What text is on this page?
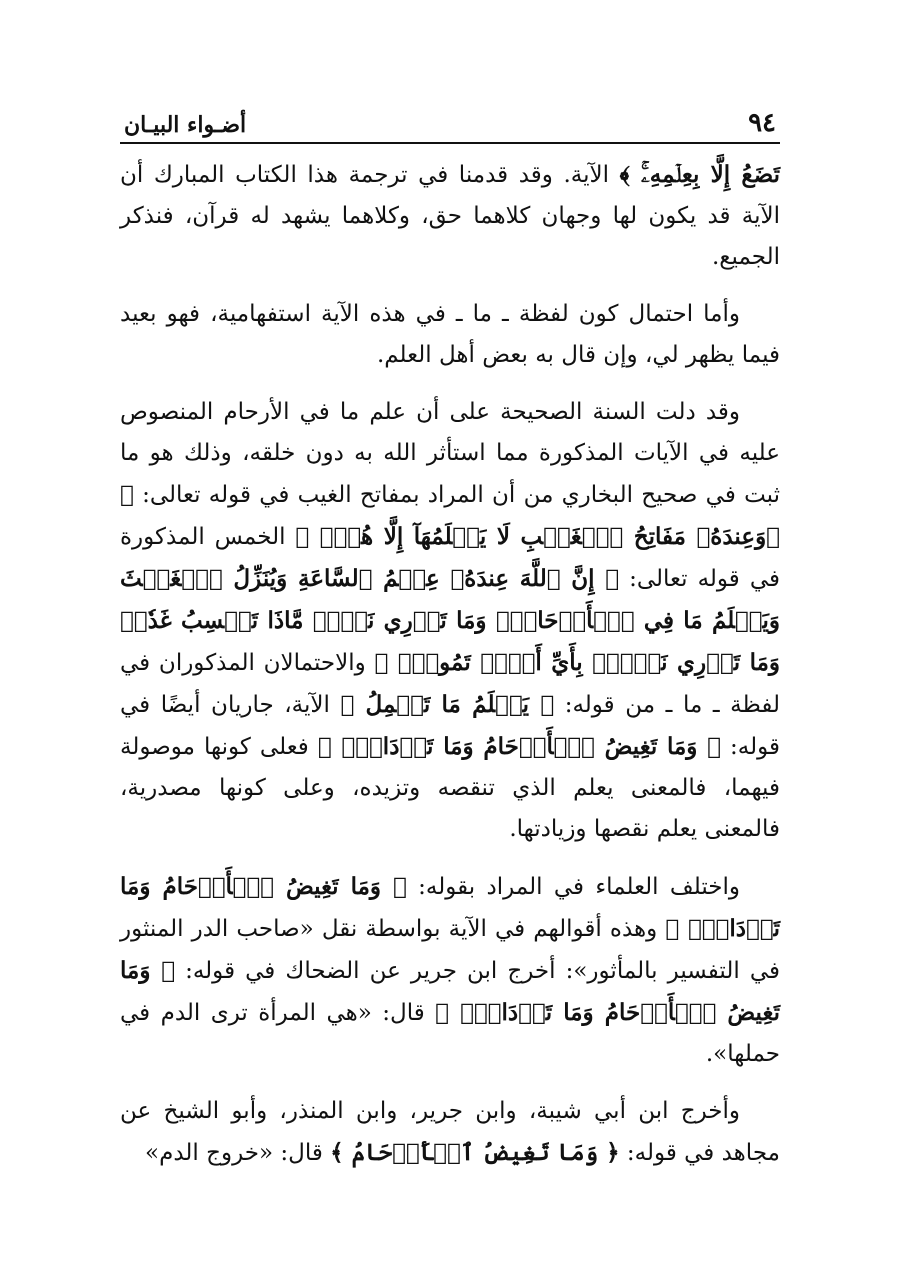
٩٤
أضـواء البيـان

تَضَعُ إِلَّا بِعِلۡمِهِۦۚ ﴾ الآية. وقد قدمنا في ترجمة هذا الكتاب المبارك أن الآية قد يكون لها وجهان كلاهما حق، وكلاهما يشهد له قرآن، فنذكر الجميع.

وأما احتمال كون لفظة ـ ما ـ في هذه الآية استفهامية، فهو بعيد فيما يظهر لي، وإن قال به بعض أهل العلم.

وقد دلت السنة الصحيحة على أن علم ما في الأرحام المنصوص عليه في الآيات المذكورة مما استأثر الله به دون خلقه، وذلك هو ما ثبت في صحيح البخاري من أن المراد بمفاتح الغيب في قوله تعالى: ﴿ ۞وَعِندَهُۥ مَفَاتِحُ ٱلۡغَيۡبِ لَا يَعۡلَمُهَآ إِلَّا هُوَۚ ﴾ الخمس المذكورة في قوله تعالى: ﴿ إِنَّ ٱللَّهَ عِندَهُۥ عِلۡمُ ٱلسَّاعَةِ وَيُنَزِّلُ ٱلۡغَيۡثَ وَيَعۡلَمُ مَا فِي ٱلۡأَرۡحَامِۖ وَمَا تَدۡرِي نَفۡسٞ مَّاذَا تَكۡسِبُ غَدٗاۖ وَمَا تَدۡرِي نَفۡسُۢ بِأَيِّ أَرۡضٖ تَمُوتُۚ ﴾ والاحتمالان المذكوران في لفظة ـ ما ـ من قوله: ﴿ يَعۡلَمُ مَا تَحۡمِلُ ﴾ الآية، جاريان أيضًا في قوله: ﴿ وَمَا تَغِيضُ ٱلۡأَرۡحَامُ وَمَا تَزۡدَادُۚ ﴾ فعلى كونها موصولة فيهما، فالمعنى يعلم الذي تنقصه وتزيده، وعلى كونها مصدرية، فالمعنى يعلم نقصها وزيادتها.

واختلف العلماء في المراد بقوله: ﴿ وَمَا تَغِيضُ ٱلۡأَرۡحَامُ وَمَا تَزۡدَادُۚ ﴾ وهذه أقوالهم في الآية بواسطة نقل «صاحب الدر المنثور في التفسير بالمأثور»: أخرج ابن جرير عن الضحاك في قوله: ﴿ وَمَا تَغِيضُ ٱلۡأَرۡحَامُ وَمَا تَزۡدَادُۚ ﴾ قال: «هي المرأة ترى الدم في حملها».

وأخرج ابن أبي شيبة، وابن جرير، وابن المنذر، وأبو الشيخ عن مجاهد في قوله: ﴿ وَمَا تَغِيضُ ٱلۡأَرۡحَامُ ﴾ قال: «خروج الدم»
